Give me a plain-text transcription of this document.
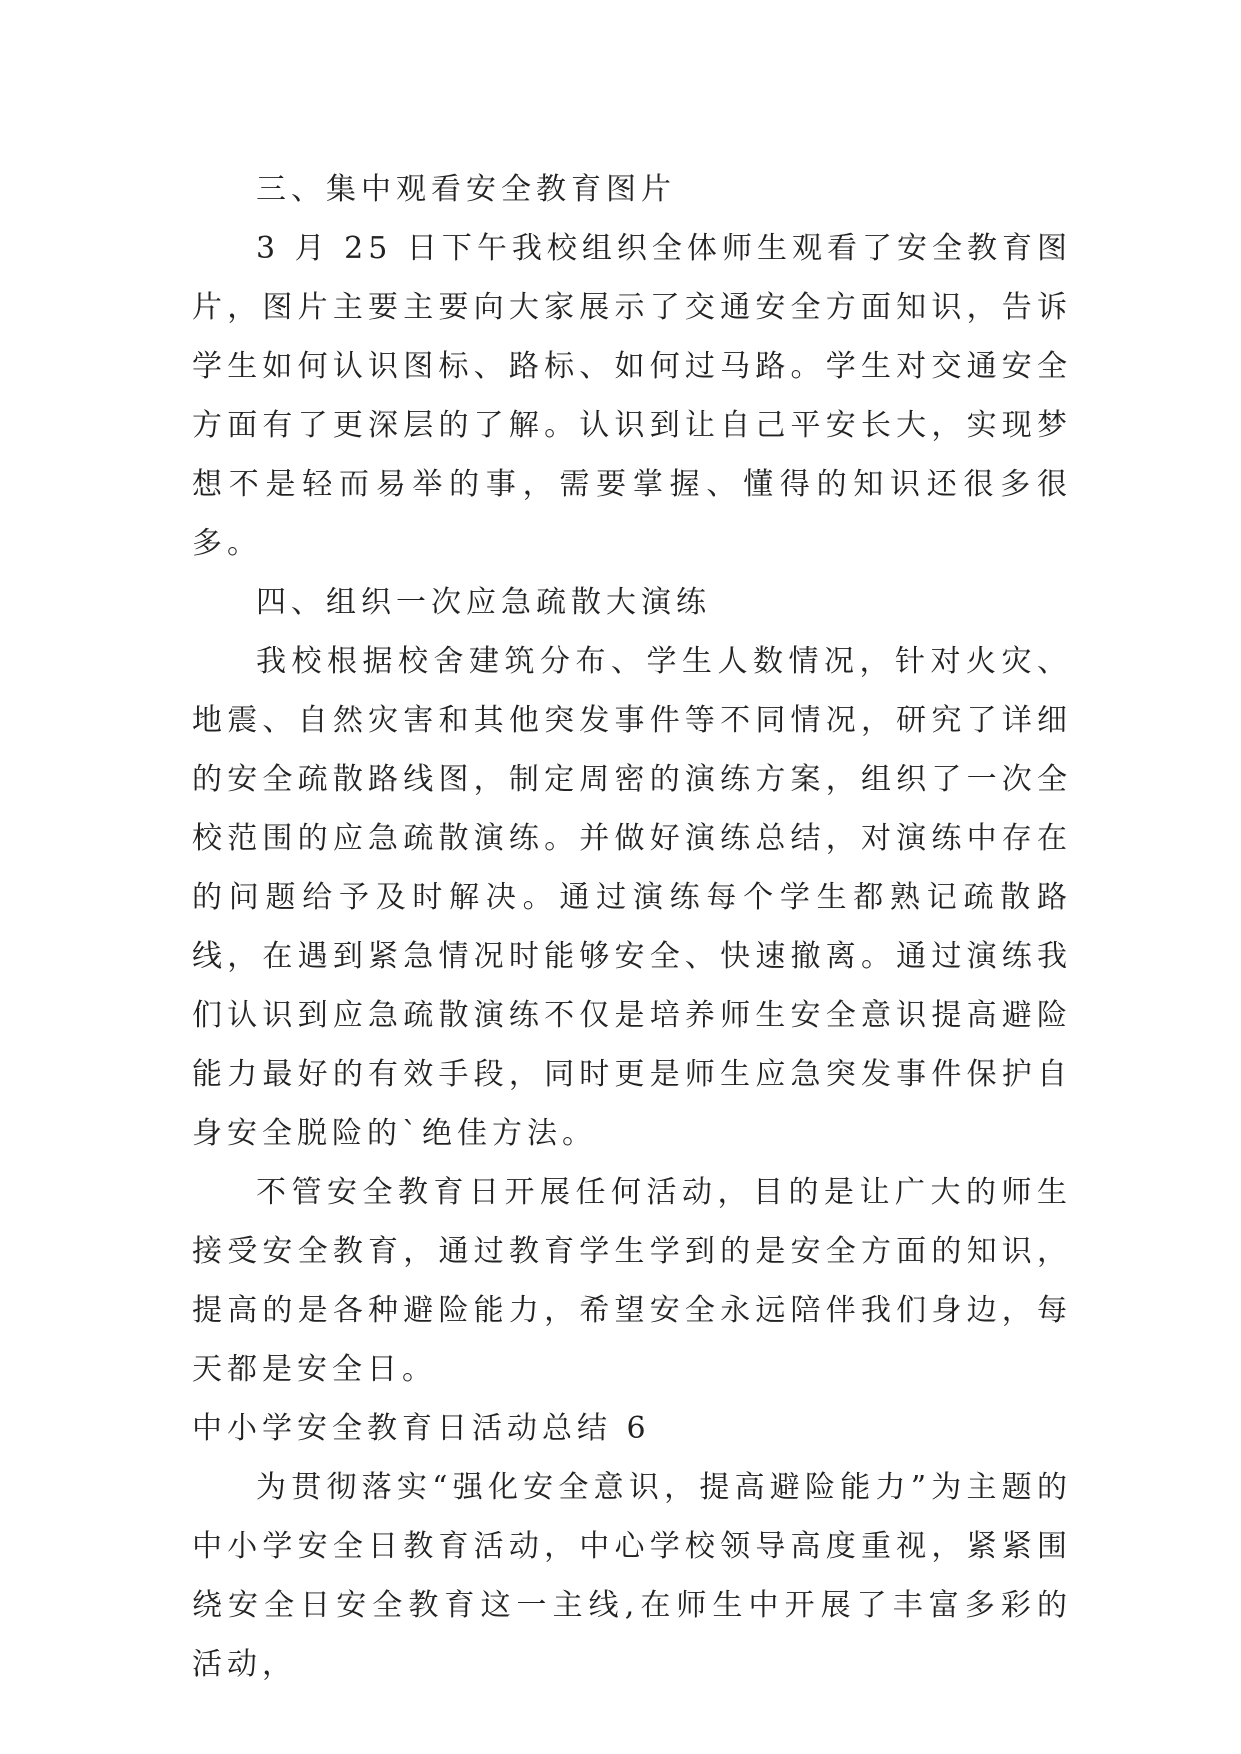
三、集中观看安全教育图片

3 月 25 日下午我校组织全体师生观看了安全教育图片，图片主要主要向大家展示了交通安全方面知识，告诉学生如何认识图标、路标、如何过马路。学生对交通安全方面有了更深层的了解。认识到让自己平安长大，实现梦想不是轻而易举的事，需要掌握、懂得的知识还很多很多。

四、组织一次应急疏散大演练

我校根据校舍建筑分布、学生人数情况，针对火灾、地震、自然灾害和其他突发事件等不同情况，研究了详细的安全疏散路线图，制定周密的演练方案，组织了一次全校范围的应急疏散演练。并做好演练总结，对演练中存在的问题给予及时解决。通过演练每个学生都熟记疏散路线，在遇到紧急情况时能够安全、快速撤离。通过演练我们认识到应急疏散演练不仅是培养师生安全意识提高避险能力最好的有效手段，同时更是师生应急突发事件保护自身安全脱险的`绝佳方法。

不管安全教育日开展任何活动，目的是让广大的师生接受安全教育，通过教育学生学到的是安全方面的知识，提高的是各种避险能力，希望安全永远陪伴我们身边，每天都是安全日。

中小学安全教育日活动总结 6

为贯彻落实“强化安全意识，提高避险能力”为主题的中小学安全日教育活动，中心学校领导高度重视，紧紧围绕安全日安全教育这一主线,在师生中开展了丰富多彩的活动，
